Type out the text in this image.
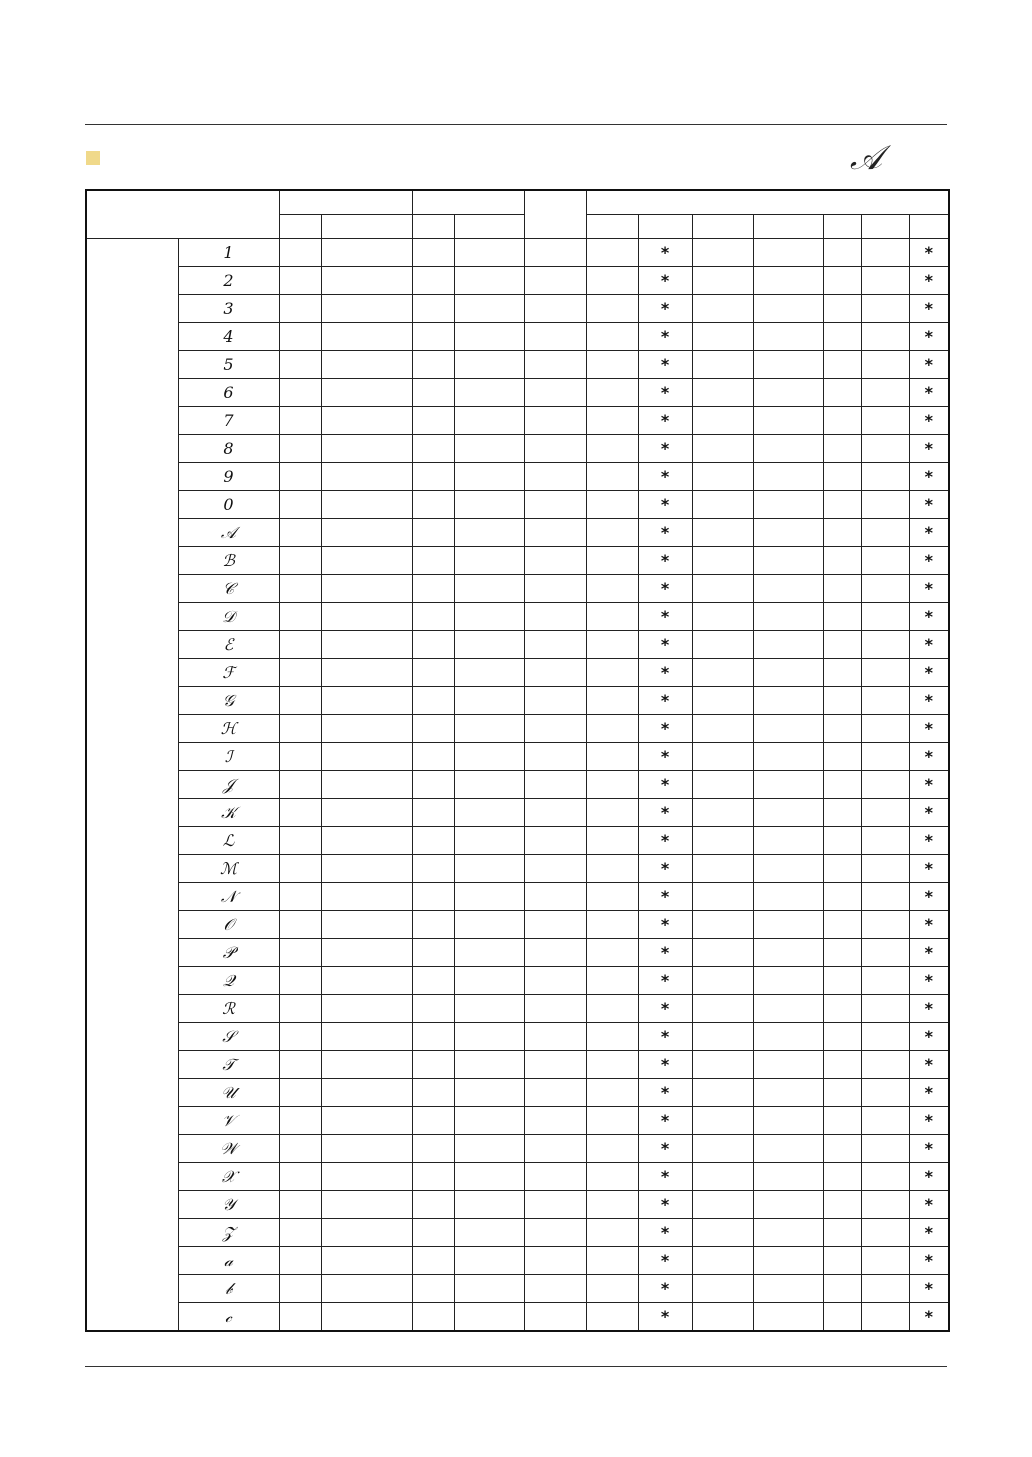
𝒜

	1							*					*
	2							*					*
	3							*					*
	4							*					*
	5							*					*
	6							*					*
	7							*					*
	8							*					*
	9							*					*
	0							*					*
	𝒜							*					*
	ℬ							*					*
	𝒞							*					*
	𝒟							*					*
	ℰ							*					*
	ℱ							*					*
	𝒢							*					*
	ℋ							*					*
	ℐ							*					*
	𝒥							*					*
	𝒦							*					*
	ℒ							*					*
	ℳ							*					*
	𝒩							*					*
	𝒪							*					*
	𝒫							*					*
	𝒬							*					*
	ℛ							*					*
	𝒮							*					*
	𝒯							*					*
	𝒰							*					*
	𝒱							*					*
	𝒲							*					*
	𝒳							*					*
	𝒴							*					*
	𝒵							*					*
	𝒶							*					*
	𝒷							*					*
	𝒸							*					*
